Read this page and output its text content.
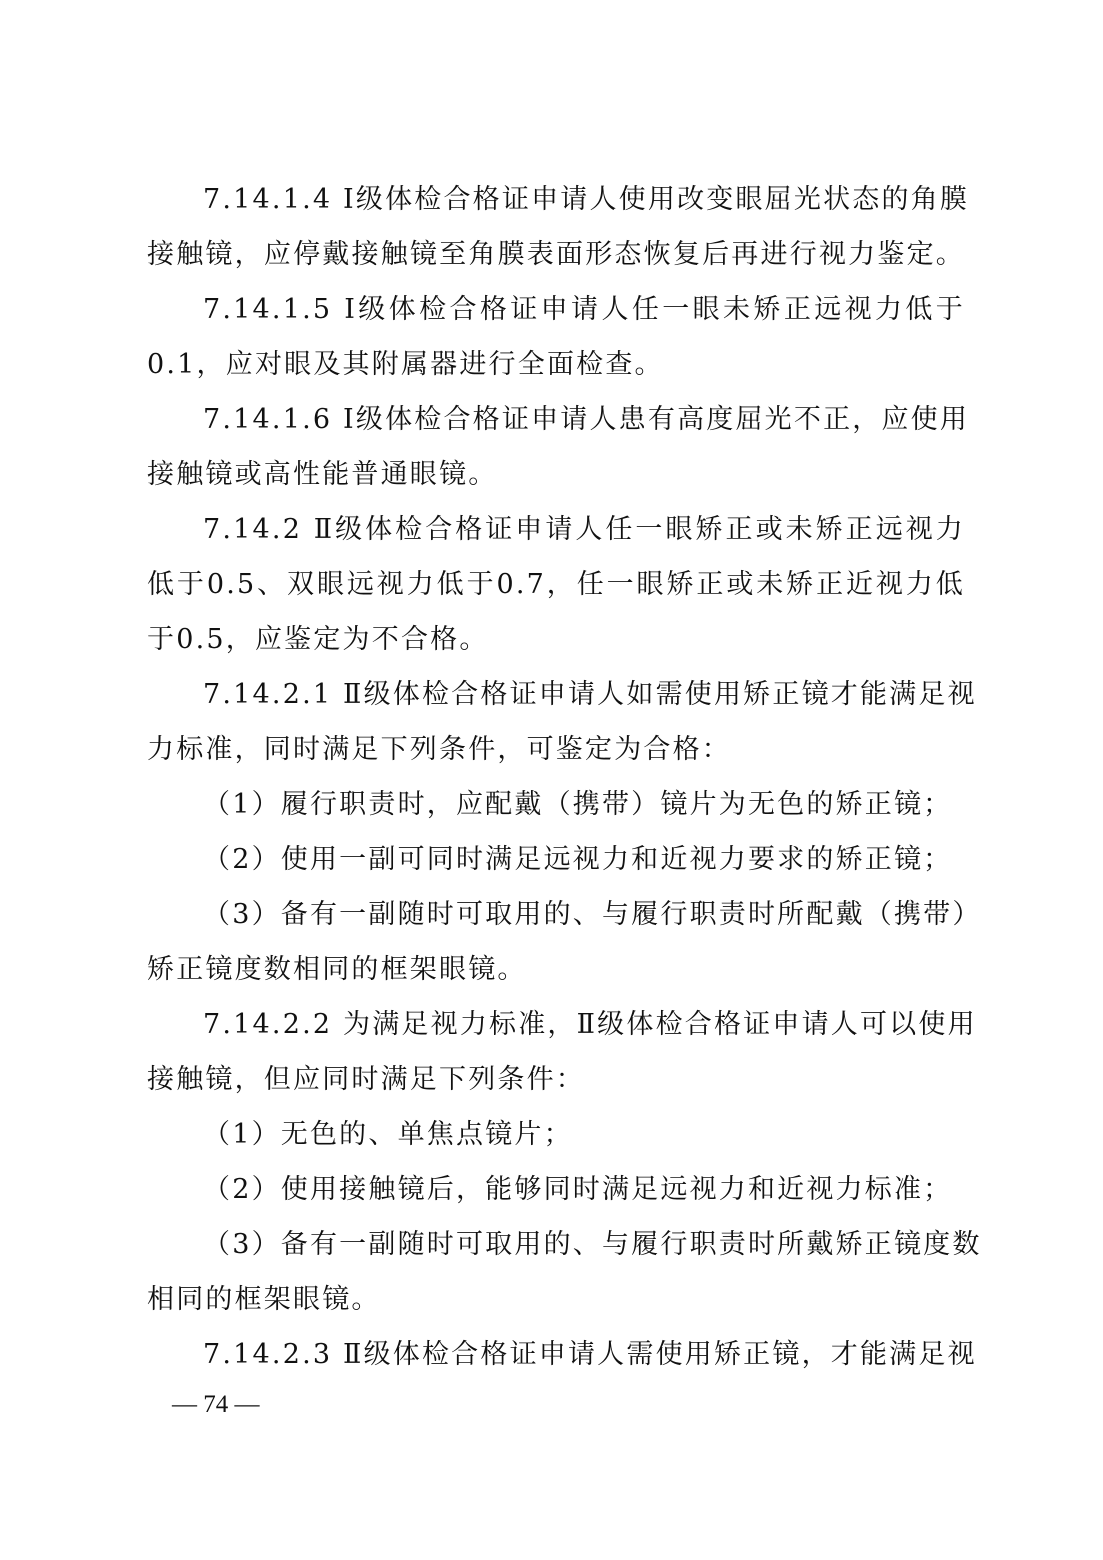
7.14.1.4 Ⅰ级体检合格证申请人使用改变眼屈光状态的角膜
接触镜，应停戴接触镜至角膜表面形态恢复后再进行视力鉴定。
7.14.1.5 Ⅰ级体检合格证申请人任一眼未矫正远视力低于
0.1，应对眼及其附属器进行全面检查。
7.14.1.6 Ⅰ级体检合格证申请人患有高度屈光不正，应使用
接触镜或高性能普通眼镜。
7.14.2 Ⅱ级体检合格证申请人任一眼矫正或未矫正远视力
低于0.5、双眼远视力低于0.7，任一眼矫正或未矫正近视力低
于0.5，应鉴定为不合格。
7.14.2.1 Ⅱ级体检合格证申请人如需使用矫正镜才能满足视
力标准，同时满足下列条件，可鉴定为合格：
（1）履行职责时，应配戴（携带）镜片为无色的矫正镜；
（2）使用一副可同时满足远视力和近视力要求的矫正镜；
（3）备有一副随时可取用的、与履行职责时所配戴（携带）
矫正镜度数相同的框架眼镜。
7.14.2.2 为满足视力标准，Ⅱ级体检合格证申请人可以使用
接触镜，但应同时满足下列条件：
（1）无色的、单焦点镜片；
（2）使用接触镜后，能够同时满足远视力和近视力标准；
（3）备有一副随时可取用的、与履行职责时所戴矫正镜度数
相同的框架眼镜。
7.14.2.3 Ⅱ级体检合格证申请人需使用矫正镜，才能满足视
— 74 —
